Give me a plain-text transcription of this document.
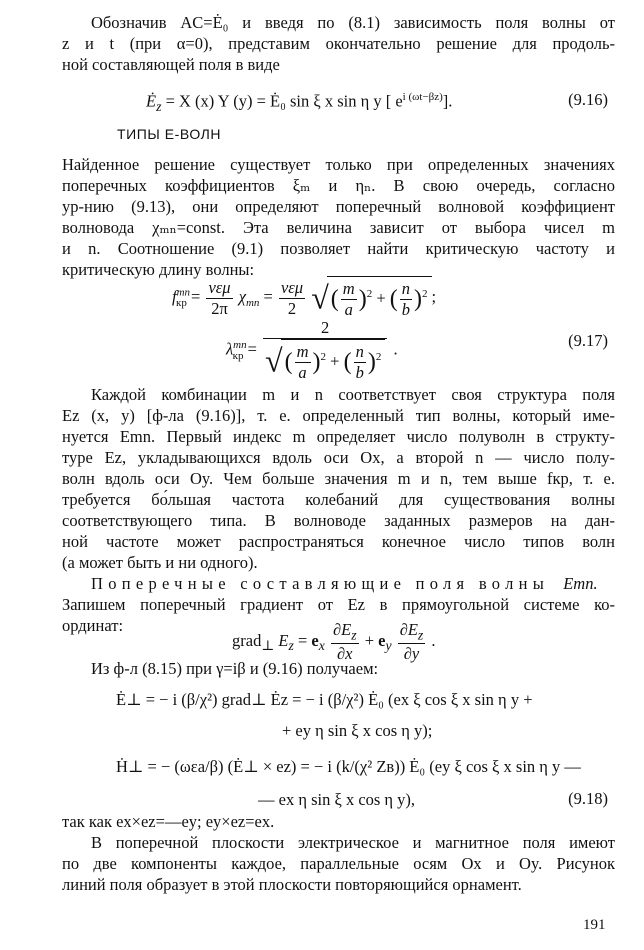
Обозначив AC=Ė₀ и введя по (8.1) зависимость поля волны от
z и t (при α=0), представим окончательно решение для продоль-
ной составляющей поля в виде
$Ė_z = X$ (x) Y (y) = Ė₀ sin ξ x sin η y [ $e^{i (\omega t-\beta z)}$].	(9.16)
ТИПЫ Е-ВОЛН
Найденное решение существует только при определенных значениях
поперечных коэффициентов ξₘ и ηₙ. В свою очередь, согласно
ур-нию (9.13), они определяют поперечный волновой коэффициент
волновода χₘₙ=const. Эта величина зависит от выбора чисел m
и n. Соотношение (9.1) позволяет найти критическую частоту и
критическую длину волны:
$f^{mn}_{кр} = \frac{\text{vεμ}}{2\pi} \chi_{mn} = \frac{\text{vεμ}}{2}$ √( $\frac{m}{a} )^2$ + ( $\frac{n}{b} )^2$ ;
$\lambda^{mn}_{кр} = \frac{2}{√( \frac{m}{a} )^2 + ( \frac{n}{b} )^2}$ .	(9.17)
Каждой комбинации m и n соответствует своя структура поля
Ez (x, y) [ф-ла (9.16)], т. е. определенный тип волны, который име-
нуется Emn. Первый индекс m определяет число полуволн в структу-
туре Ez, укладывающихся вдоль оси Ox, а второй n — число полу-
волн вдоль оси Oy. Чем больше значения m и n, тем выше fкр, т. е.
требуется бо́льшая частота колебаний для существования волны
соответствующего типа. В волноводе заданных размеров на дан-
ной частоте может распространяться конечное число типов волн
(а может быть и ни одного).
Поперечные составляющие поля волны Emn.
Запишем поперечный градиент от Ez в прямоугольной системе ко-
ординат:
grad$_\perp$ $E_z = e_x \frac{\partial E_z}{\partial x} + e_y \frac{\partial E_z}{\partial y}$ .
Из ф-л (8.15) при γ=iβ и (9.16) получаем:
Ė⊥ = − i (β/χ²) grad⊥ Ėz = − i (β/χ²) Ė₀ (ex ξ cos ξ x sin η y +
+ ey η sin ξ x cos η y);
Ḣ⊥ = − (ωεa/β) (Ė⊥ × ez) = − i (k/(χ² Zв)) Ė₀ (ey ξ cos ξ x sin η y —
— ex η sin ξ x cos η y),	(9.18)
так как ex×ez=—ey; ey×ez=ex.
В поперечной плоскости электрическое и магнитное поля имеют
по две компоненты каждое, параллельные осям Ox и Oy. Рисунок
линий поля образует в этой плоскости повторяющийся орнамент.
191
